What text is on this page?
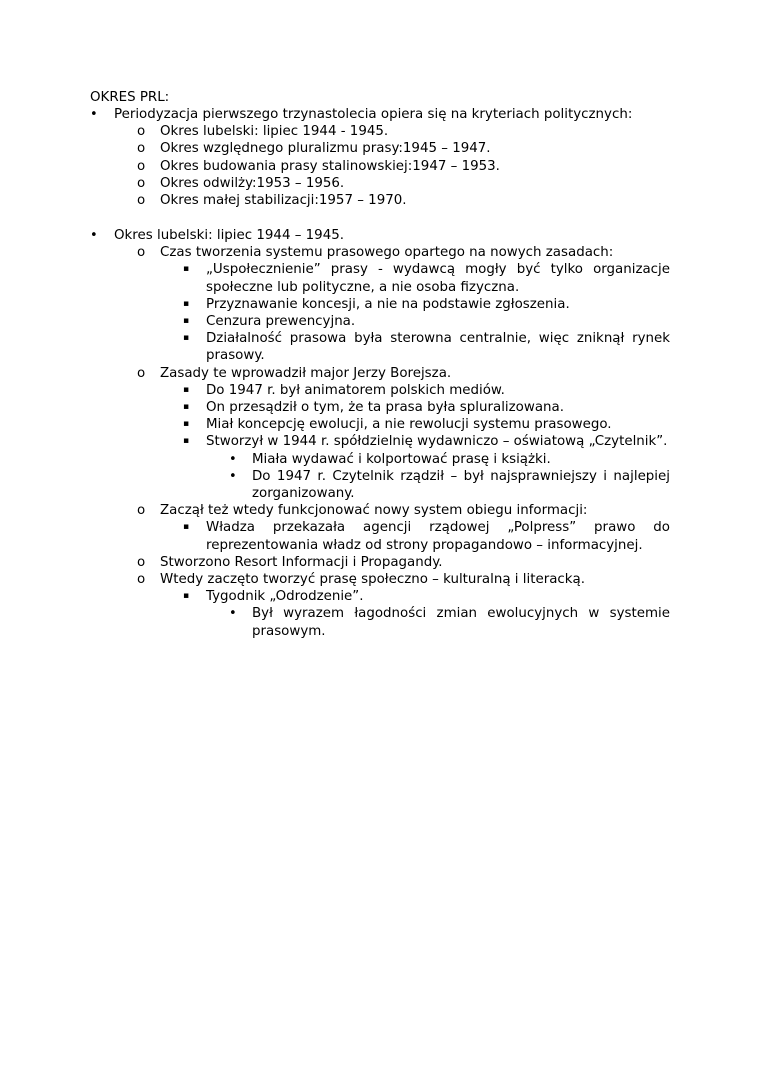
OKRES PRL:
• Periodyzacja pierwszego trzynastolecia opiera się na kryteriach politycznych:
o Okres lubelski: lipiec 1944 - 1945.
o Okres względnego pluralizmu prasy:1945 – 1947.
o Okres budowania prasy stalinowskiej:1947 – 1953.
o Okres odwilży:1953 – 1956.
o Okres małej stabilizacji:1957 – 1970.
• Okres lubelski: lipiec 1944 – 1945.
o Czas tworzenia systemu prasowego opartego na nowych zasadach:
▪ „Uspołecznienie” prasy - wydawcą mogły być tylko organizacje społeczne lub polityczne, a nie osoba fizyczna.
▪ Przyznawanie koncesji, a nie na podstawie zgłoszenia.
▪ Cenzura prewencyjna.
▪ Działalność prasowa była sterowna centralnie, więc zniknął rynek prasowy.
o Zasady te wprowadził major Jerzy Borejsza.
▪ Do 1947 r. był animatorem polskich mediów.
▪ On przesądził o tym, że ta prasa była spluralizowana.
▪ Miał koncepcję ewolucji, a nie rewolucji systemu prasowego.
▪ Stworzył w 1944 r. spółdzielnię wydawniczo – oświatową „Czytelnik”.
• Miała wydawać i kolportować prasę i książki.
• Do 1947 r. Czytelnik rządził – był najsprawniejszy i najlepiej zorganizowany.
o Zaczął też wtedy funkcjonować nowy system obiegu informacji:
▪ Władza przekazała agencji rządowej „Polpress” prawo do reprezentowania władz od strony propagandowo – informacyjnej.
o Stworzono Resort Informacji i Propagandy.
o Wtedy zaczęto tworzyć prasę społeczno – kulturalną i literacką.
▪ Tygodnik „Odrodzenie”.
• Był wyrazem łagodności zmian ewolucyjnych w systemie prasowym.
